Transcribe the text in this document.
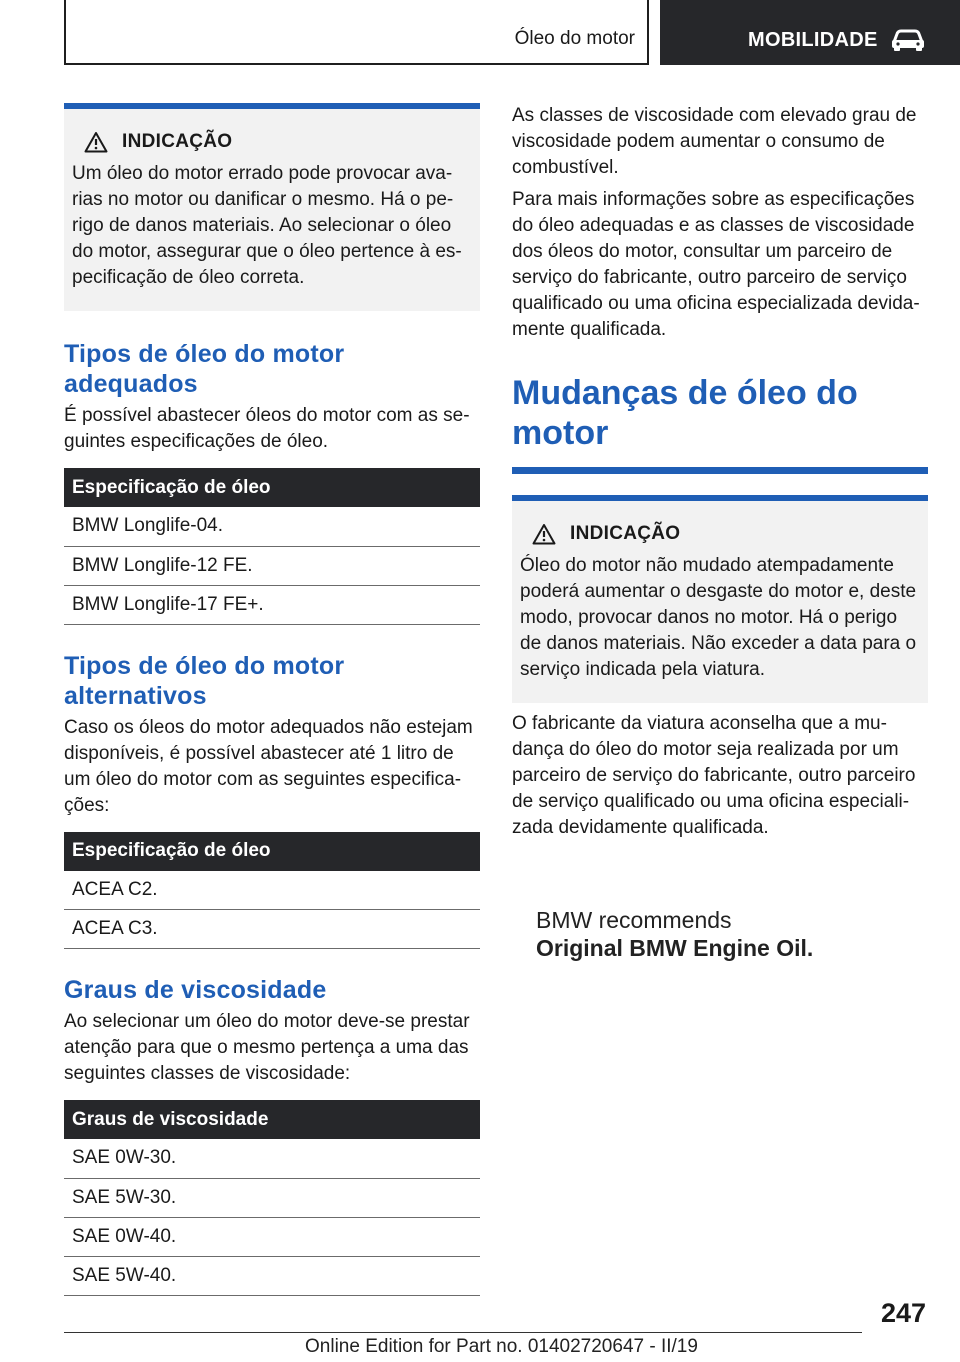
Óleo do motor	MOBILIDADE
INDICAÇÃO

Um óleo do motor errado pode provocar avarias no motor ou danificar o mesmo. Há o perigo de danos materiais. Ao selecionar o óleo do motor, assegurar que o óleo pertence à especificação de óleo correta.

Tipos de óleo do motor adequados

É possível abastecer óleos do motor com as seguintes especificações de óleo.

Especificação de óleo
BMW Longlife-04.
BMW Longlife-12 FE.
BMW Longlife-17 FE+.
Tipos de óleo do motor alternativos

Caso os óleos do motor adequados não estejam disponíveis, é possível abastecer até 1 litro de um óleo do motor com as seguintes especificações:

Especificação de óleo
ACEA C2.
ACEA C3.
Graus de viscosidade

Ao selecionar um óleo do motor deve-se prestar atenção para que o mesmo pertença a uma das seguintes classes de viscosidade:

Graus de viscosidade
SAE 0W-30.
SAE 5W-30.
SAE 0W-40.
SAE 5W-40.

As classes de viscosidade com elevado grau de viscosidade podem aumentar o consumo de combustível.

Para mais informações sobre as especificações do óleo adequadas e as classes de viscosidade dos óleos do motor, consultar um parceiro de serviço do fabricante, outro parceiro de serviço qualificado ou uma oficina especializada devidamente qualificada.

Mudanças de óleo do motor
INDICAÇÃO

Óleo do motor não mudado atempadamente poderá aumentar o desgaste do motor e, deste modo, provocar danos no motor. Há o perigo de danos materiais. Não exceder a data para o serviço indicada pela viatura.

O fabricante da viatura aconselha que a mudança do óleo do motor seja realizada por um parceiro de serviço do fabricante, outro parceiro de serviço qualificado ou uma oficina especializada devidamente qualificada.

BMW recommends
Original BMW Engine Oil.
247
Online Edition for Part no. 01402720647 - II/19
